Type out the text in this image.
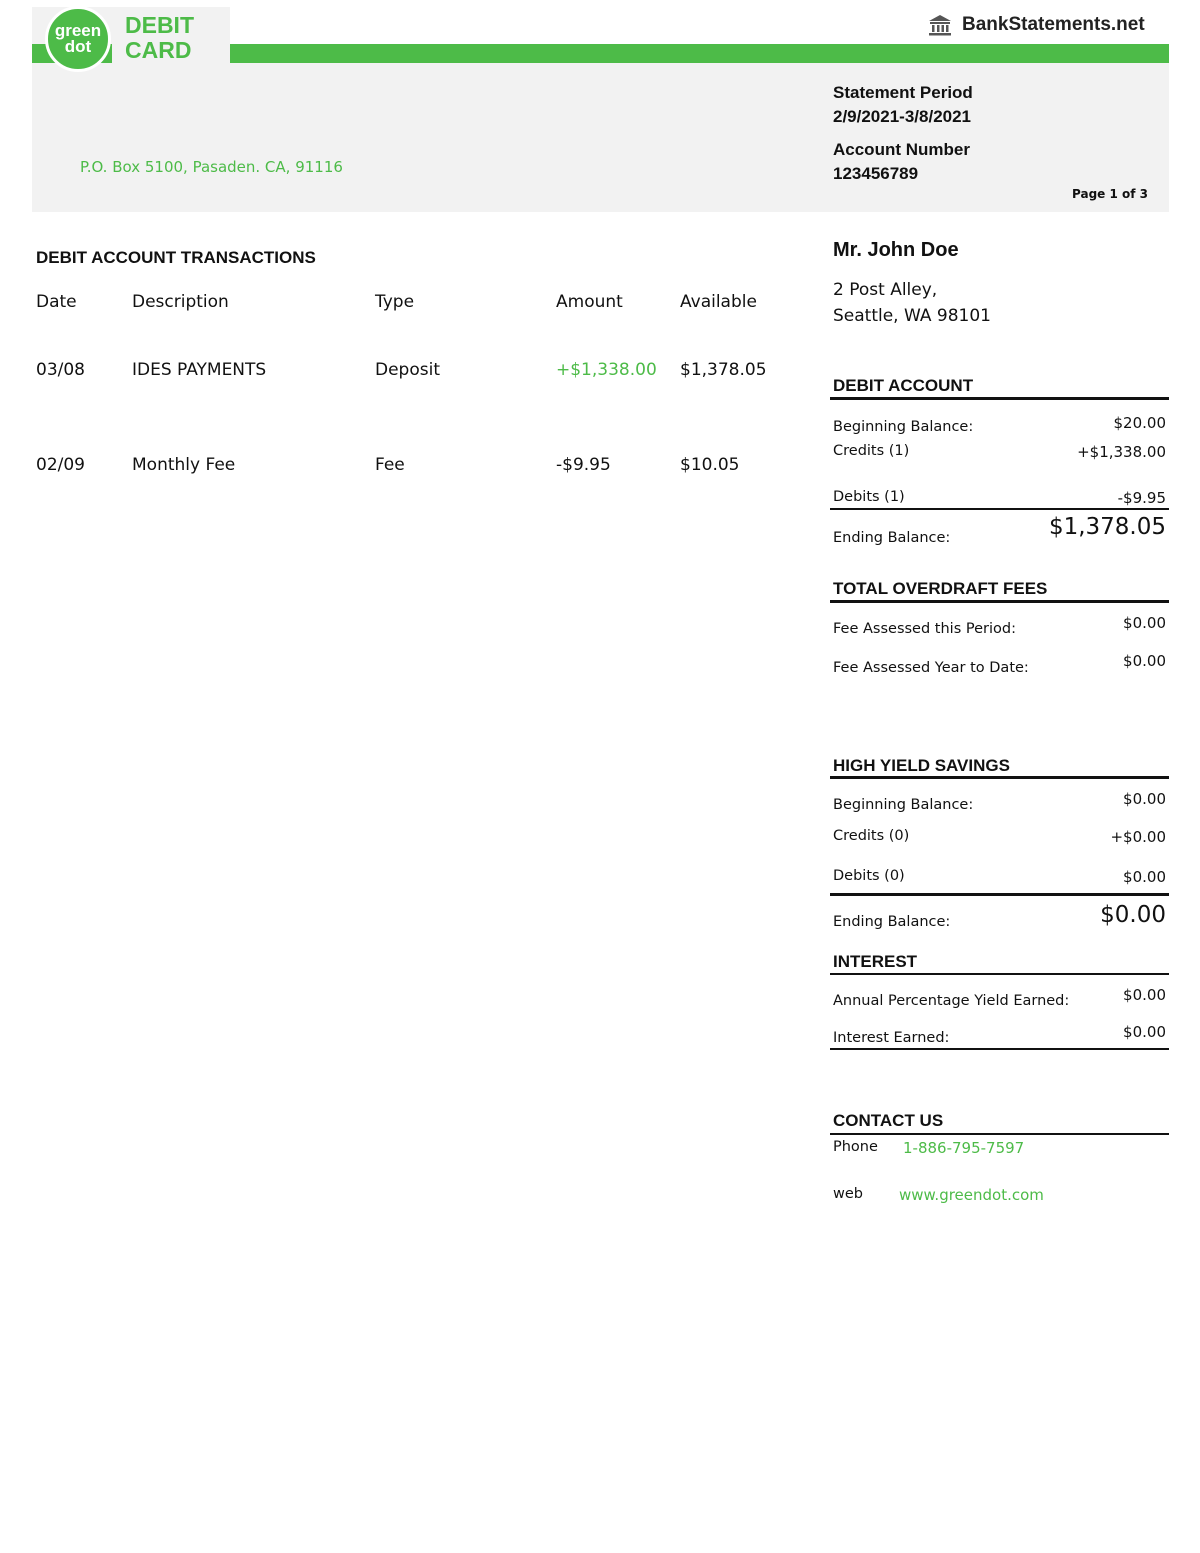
green
dot
DEBIT
CARD
BankStatements.net
P.O. Box 5100, Pasaden. CA, 91116
Statement Period
2/9/2021-3/8/2021
Account Number
123456789
Page 1 of 3
DEBIT ACCOUNT TRANSACTIONS
Date	Description	Type	Amount	Available
03/08	IDES PAYMENTS	Deposit	+$1,338.00 $1,378.05
02/09	Monthly Fee	Fee	-$9.95	$10.05
Mr. John Doe
2 Post Alley,
Seattle, WA 98101
DEBIT ACCOUNT
Beginning Balance:	$20.00
Credits (1)	+$1,338.00
Debits (1)	-$9.95
Ending Balance:	$1,378.05
TOTAL OVERDRAFT FEES
Fee Assessed this Period:	$0.00
Fee Assessed Year to Date:	$0.00
HIGH YIELD SAVINGS
Beginning Balance:	$0.00
Credits (0)	+$0.00
Debits (0)	$0.00
Ending Balance:	$0.00
INTEREST
Annual Percentage Yield Earned:	$0.00
Interest Earned:	$0.00
CONTACT US
Phone 1-886-795-7597
web www.greendot.com
